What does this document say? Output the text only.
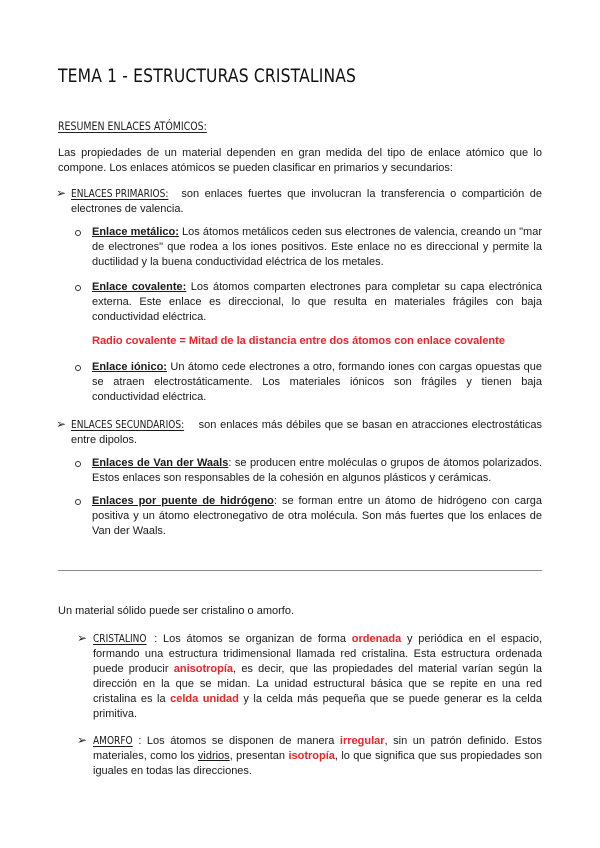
TEMA 1 - ESTRUCTURAS CRISTALINAS
RESUMEN ENLACES ATÓMICOS:

Las propiedades de un material dependen en gran medida del tipo de enlace atómico que lo compone. Los enlaces atómicos se pueden clasificar en primarios y secundarios:

➢ ENLACES PRIMARIOS: son enlaces fuertes que involucran la transferencia o compartición de electrones de valencia.

Enlace metálico: Los átomos metálicos ceden sus electrones de valencia, creando un "mar de electrones" que rodea a los iones positivos. Este enlace no es direccional y permite la ductilidad y la buena conductividad eléctrica de los metales.

Enlace covalente: Los átomos comparten electrones para completar su capa electrónica externa. Este enlace es direccional, lo que resulta en materiales frágiles con baja conductividad eléctrica.

Radio covalente = Mitad de la distancia entre dos átomos con enlace covalente

Enlace iónico: Un átomo cede electrones a otro, formando iones con cargas opuestas que se atraen electrostáticamente. Los materiales iónicos son frágiles y tienen baja conductividad eléctrica.

➢ ENLACES SECUNDARIOS: son enlaces más débiles que se basan en atracciones electrostáticas entre dipolos.

Enlaces de Van der Waals: se producen entre moléculas o grupos de átomos polarizados. Estos enlaces son responsables de la cohesión en algunos plásticos y cerámicas.

Enlaces por puente de hidrógeno: se forman entre un átomo de hidrógeno con carga positiva y un átomo electronegativo de otra molécula. Son más fuertes que los enlaces de Van der Waals.

Un material sólido puede ser cristalino o amorfo.

➢ CRISTALINO : Los átomos se organizan de forma ordenada y periódica en el espacio, formando una estructura tridimensional llamada red cristalina. Esta estructura ordenada puede producir anisotropía, es decir, que las propiedades del material varían según la dirección en la que se midan. La unidad estructural básica que se repite en una red cristalina es la celda unidad y la celda más pequeña que se puede generar es la celda primitiva.

➢ AMORFO : Los átomos se disponen de manera irregular, sin un patrón definido. Estos materiales, como los vidrios, presentan isotropía, lo que significa que sus propiedades son iguales en todas las direcciones.
